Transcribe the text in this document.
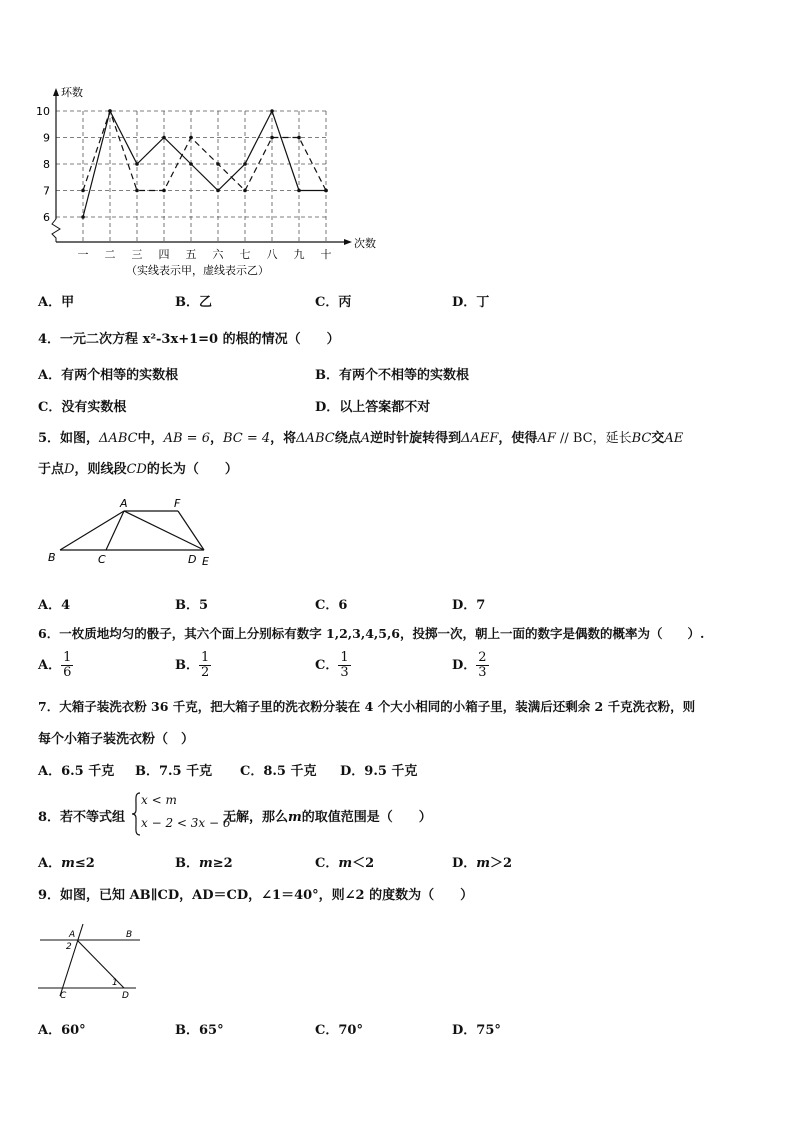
环数
次数
6
7
8
9
10
一 二 三 四 五 六 七 八 九 十
（实线表示甲，虚线表示乙）
A．甲	B．乙	C．丙	D．丁
4．一元二次方程 x²-3x+1=0 的根的情况（　　）
A．有两个相等的实数根	B．有两个不相等的实数根
C．没有实数根	D．以上答案都不对
5．如图，ΔABC中，AB = 6，BC = 4，将ΔABC绕点A逆时针旋转得到ΔAEF，使得AF // BC，延长BC交AE
于点D，则线段CD的长为（　　）
A	F
B	C	D E
A．4	B．5	C．6	D．7
6．一枚质地均匀的骰子，其六个面上分别标有数字 1,2,3,4,5,6，投掷一次，朝上一面的数字是偶数的概率为（　　）.
A． $\frac{1}{6}$	B． $\frac{1}{2}$	C． $\frac{1}{3}$	D． $\frac{2}{3}$
7．大箱子装洗衣粉 36 千克，把大箱子里的洗衣粉分装在 4 个大小相同的小箱子里，装满后还剩余 2 千克洗衣粉，则
每个小箱子装洗衣粉（　）
A．6.5 千克 B．7.5 千克 C．8.5 千克 D．9.5 千克
8．若不等式组
x < m
x − 2 < 3x − 6
无解，那么m的取值范围是（　　）
A．m≤2	B．m≥2	C．m＜2	D．m＞2
9．如图，已知 AB∥CD，AD＝CD，∠1＝40°，则∠2 的度数为（　　）
A	B
C	D
1
2
A．60°	B．65°	C．70°	D．75°
